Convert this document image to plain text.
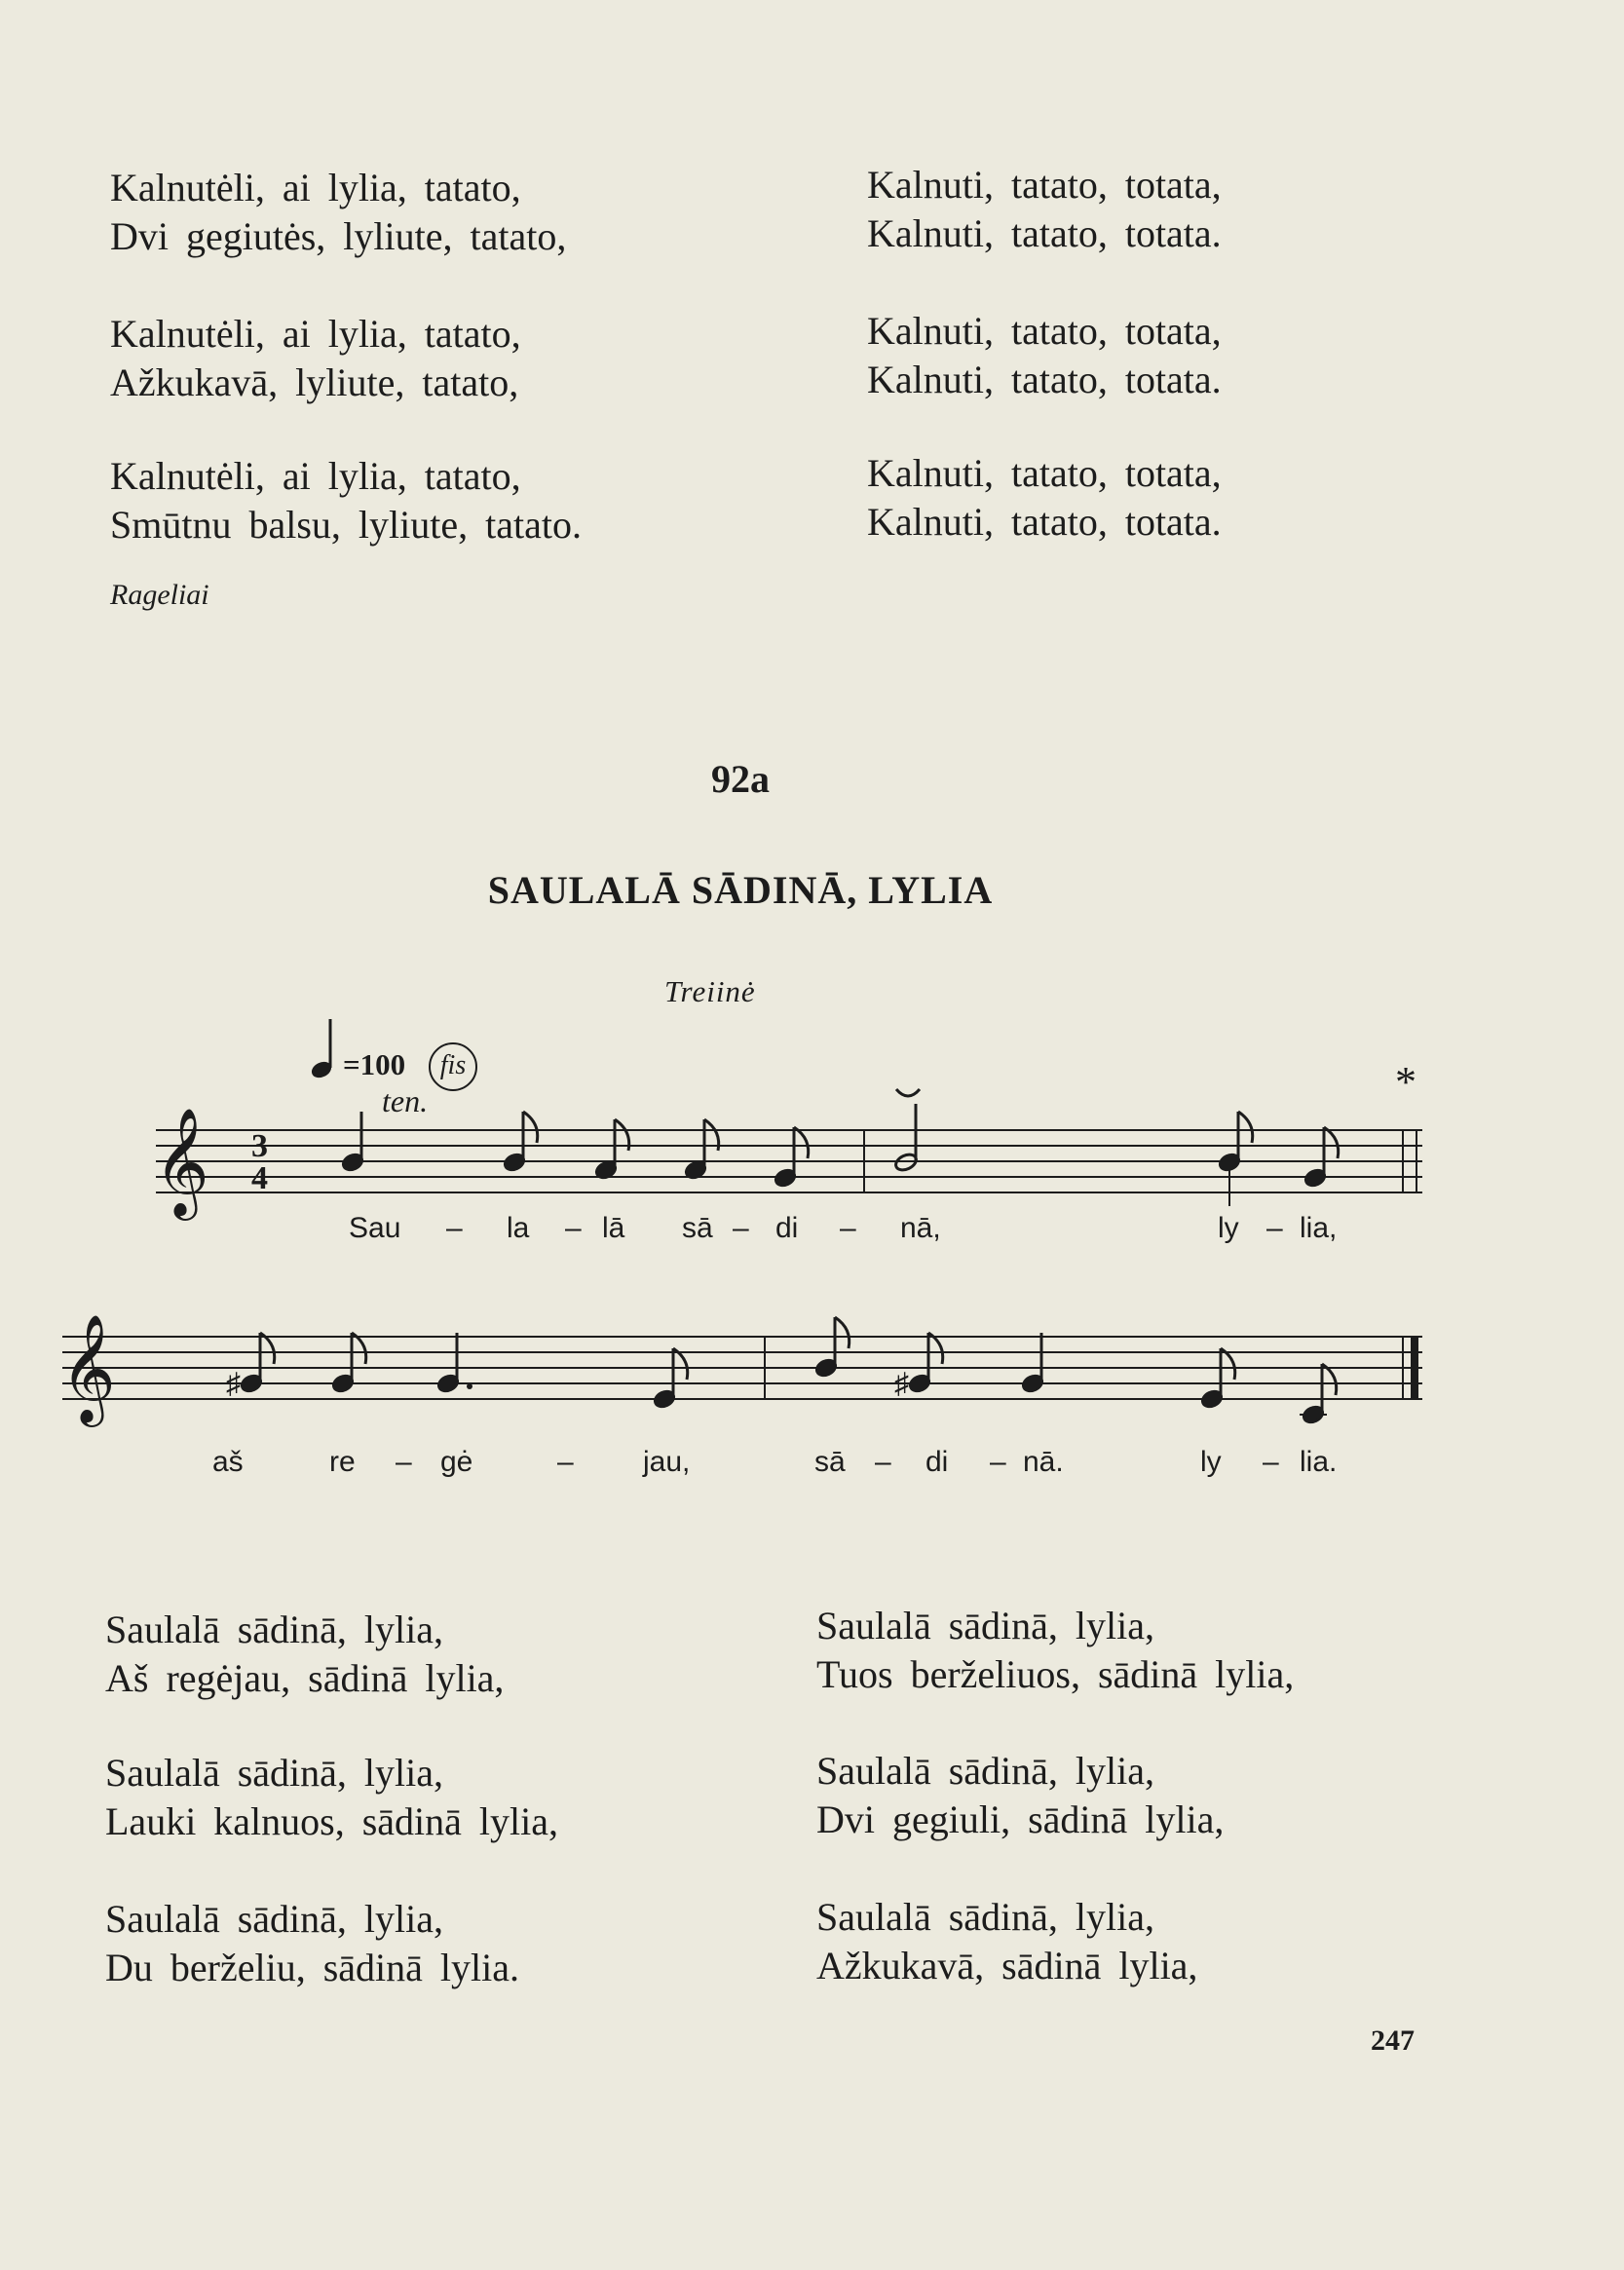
Kalnutėli, ai lylia, tatato,
Dvi gegiutės, lyliute, tatato,
Kalnuti, tatato, totata,
Kalnuti, tatato, totata.
Kalnutėli, ai lylia, tatato,
Ažkukavā, lyliute, tatato,
Kalnuti, tatato, totata,
Kalnuti, tatato, totata.
Kalnutėli, ai lylia, tatato,
Smūtnu balsu, lyliute, tatato.
Kalnuti, tatato, totata,
Kalnuti, tatato, totata.
Rageliai
92a
SAULALĀ SĀDINĀ, LYLIA
Treiinė
=100	fis
ten.
𝄞 3
4
*
𝄞	♯	♯
Sau – la – lā sā – di – nā,	ly – lia,
aš	re – gė	– jau,	sā – di – nā.	ly – lia.
Saulalā sādinā, lylia,
Aš regėjau, sādinā lylia,
Saulalā sādinā, lylia,
Tuos berželiuos, sādinā lylia,
Saulalā sādinā, lylia,
Lauki kalnuos, sādinā lylia,
Saulalā sādinā, lylia,
Dvi gegiuli, sādinā lylia,
Saulalā sādinā, lylia,
Du berželiu, sādinā lylia.
Saulalā sādinā, lylia,
Ažkukavā, sādinā lylia,
247
